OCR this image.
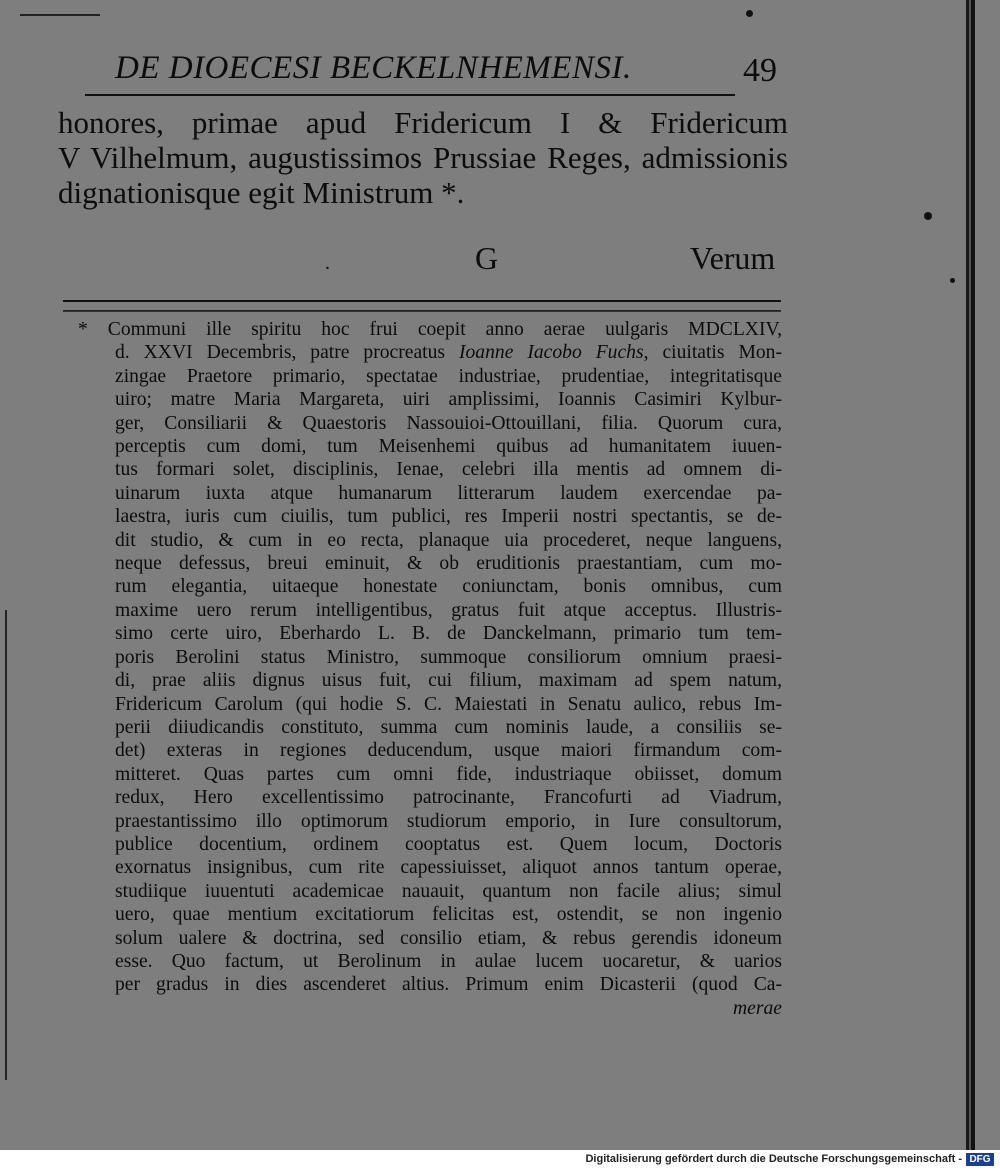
DE DIOECESI BECKELNHEMENSI.	49
honores, primae apud Fridericum I & Fridericum
V Vilhelmum, augustissimos Prussiae Reges, admissionis
dignationisque egit Ministrum *.
.	G	Verum
* Communi ille spiritu hoc frui coepit anno aerae uulgaris MDCLXIV,
d. XXVI Decembris, patre procreatus Ioanne Iacobo Fuchs, ciuitatis Mon-
zingae Praetore primario, spectatae industriae, prudentiae, integritatisque
uiro; matre Maria Margareta, uiri amplissimi, Ioannis Casimiri Kylbur-
ger, Consiliarii & Quaestoris Nassouioi-Ottouillani, filia. Quorum cura,
perceptis cum domi, tum Meisenhemi quibus ad humanitatem iuuen-
tus formari solet, disciplinis, Ienae, celebri illa mentis ad omnem di-
uinarum iuxta atque humanarum litterarum laudem exercendae pa-
laestra, iuris cum ciuilis, tum publici, res Imperii nostri spectantis, se de-
dit studio, & cum in eo recta, planaque uia procederet, neque languens,
neque defessus, breui eminuit, & ob eruditionis praestantiam, cum mo-
rum elegantia, uitaeque honestate coniunctam, bonis omnibus, cum
maxime uero rerum intelligentibus, gratus fuit atque acceptus. Illustris-
simo certe uiro, Eberhardo L. B. de Danckelmann, primario tum tem-
poris Berolini status Ministro, summoque consiliorum omnium praesi-
di, prae aliis dignus uisus fuit, cui filium, maximam ad spem natum,
Fridericum Carolum (qui hodie S. C. Maiestati in Senatu aulico, rebus Im-
perii diiudicandis constituto, summa cum nominis laude, a consiliis se-
det) exteras in regiones deducendum, usque maiori firmandum com-
mitteret. Quas partes cum omni fide, industriaque obiisset, domum
redux, Hero excellentissimo patrocinante, Francofurti ad Viadrum,
praestantissimo illo optimorum studiorum emporio, in Iure consultorum,
publice docentium, ordinem cooptatus est. Quem locum, Doctoris
exornatus insignibus, cum rite capessiuisset, aliquot annos tantum operae,
studiique iuuentuti academicae nauauit, quantum non facile alius; simul
uero, quae mentium excitatiorum felicitas est, ostendit, se non ingenio
solum ualere & doctrina, sed consilio etiam, & rebus gerendis idoneum
esse. Quo factum, ut Berolinum in aulae lucem uocaretur, & uarios
per gradus in dies ascenderet altius. Primum enim Dicasterii (quod Ca-
merae
Digitalisierung gefördert durch die Deutsche Forschungsgemeinschaft - DFG
